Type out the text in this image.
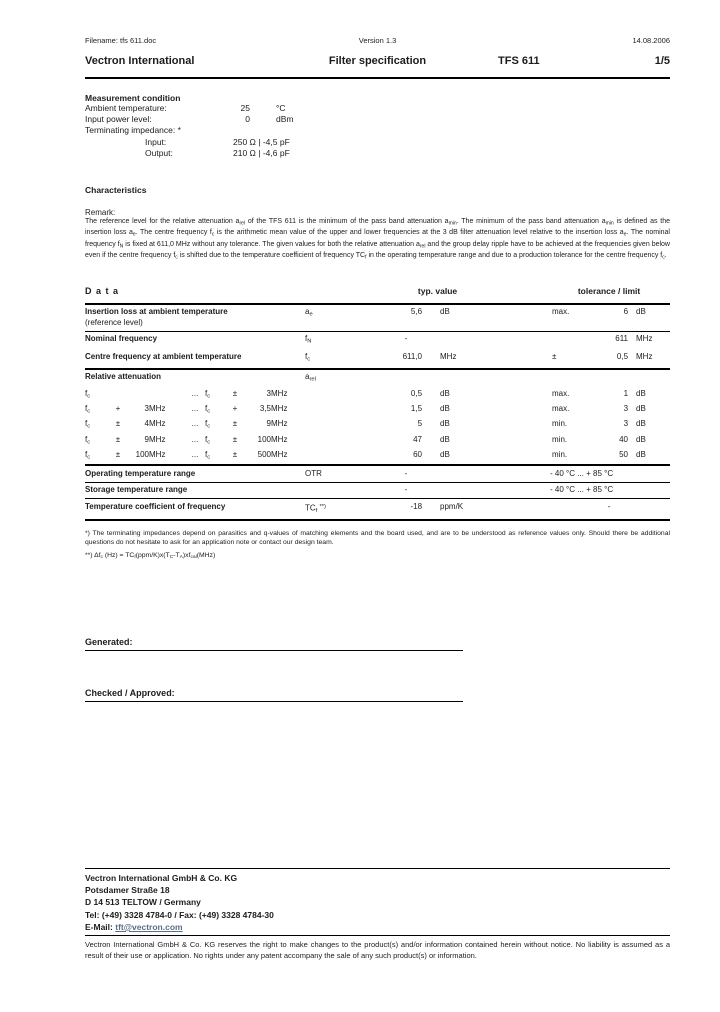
Filename: tfs 611.doc	Version 1.3	14.08.2006
Vectron International	Filter specification	TFS 611	1/5
Measurement condition
Ambient temperature:	25	°C
Input power level:	0	dBm
Terminating impedance: *
Input:	250 Ω | -4,5 pF
Output:	210 Ω | -4,6 pF
Characteristics
Remark:
The reference level for the relative attenuation $a_{rel}$ of the TFS 611 is the minimum of the pass band attenuation $a_{min}$. The minimum of the pass band attenuation $a_{min}$ is defined as the insertion loss $a_e$. The centre frequency $f_c$ is the arithmetic mean value of the upper and lower frequencies at the 3 dB filter attenuation level relative to the insertion loss $a_e$. The nominal frequency $f_N$ is fixed at 611,0 MHz without any tolerance. The given values for both the relative attenuation $a_{rel}$ and the group delay ripple have to be achieved at the frequencies given below even if the centre frequency $f_c$ is shifted due to the temperature coefficient of frequency $TC_f$ in the operating temperature range and due to a production tolerance for the centre frequency $f_c$.
D a t a		typ. value			tolerance / limit		

Insertion loss at ambient temperature
(reference level)	$a_e$	5,6	dB		max.	6	dB

Nominal frequency	$f_N$	-				611	MHz

Centre frequency at ambient temperature	$f_c$	611,0	MHz		±	0,5	MHz

Relative attenuation	$a_{rel}$	

$f_c$	... $f_c$	±	3 MHz		0,5	dB		max.	1	dB

$f_c$	+	3 MHz	... $f_c$	+	3,5 MHz		1,5	dB		max.	3	dB

$f_c$	±	4 MHz	... $f_c$	±	9 MHz		5	dB		min.	3	dB

$f_c$	±	9 MHz	... $f_c$	±	100 MHz		47	dB		min.	40	dB

$f_c$	±	100 MHz	... $f_c$	±	500 MHz		60	dB		min.	50	dB

Operating temperature range	OTR	-			- 40 °C ... + 85 °C		

Storage temperature range		-			- 40 °C ... + 85 °C		

Temperature coefficient of frequency	$TC_f$ **)	-18	ppm/K		-		
*) The terminating impedances depend on parasitics and q-values of matching elements and the board used, and are to be understood as reference values only. Should there be additional questions do not hesitate to ask for an application note or contact our design team.
**) $\Delta f_c$ $(Hz) = TC_f(ppm/K)x(T_C-T_A)xf_{cal}(MHz)$
Generated:
Checked / Approved:
Vectron International GmbH & Co. KG
Potsdamer Straße 18
D 14 513 TELTOW / Germany
Tel: (+49) 3328 4784-0 / Fax: (+49) 3328 4784-30
E-Mail: tft@vectron.com
Vectron International GmbH & Co. KG reserves the right to make changes to the product(s) and/or information contained herein without notice. No liability is assumed as a result of their use or application. No rights under any patent accompany the sale of any such product(s) or information.
